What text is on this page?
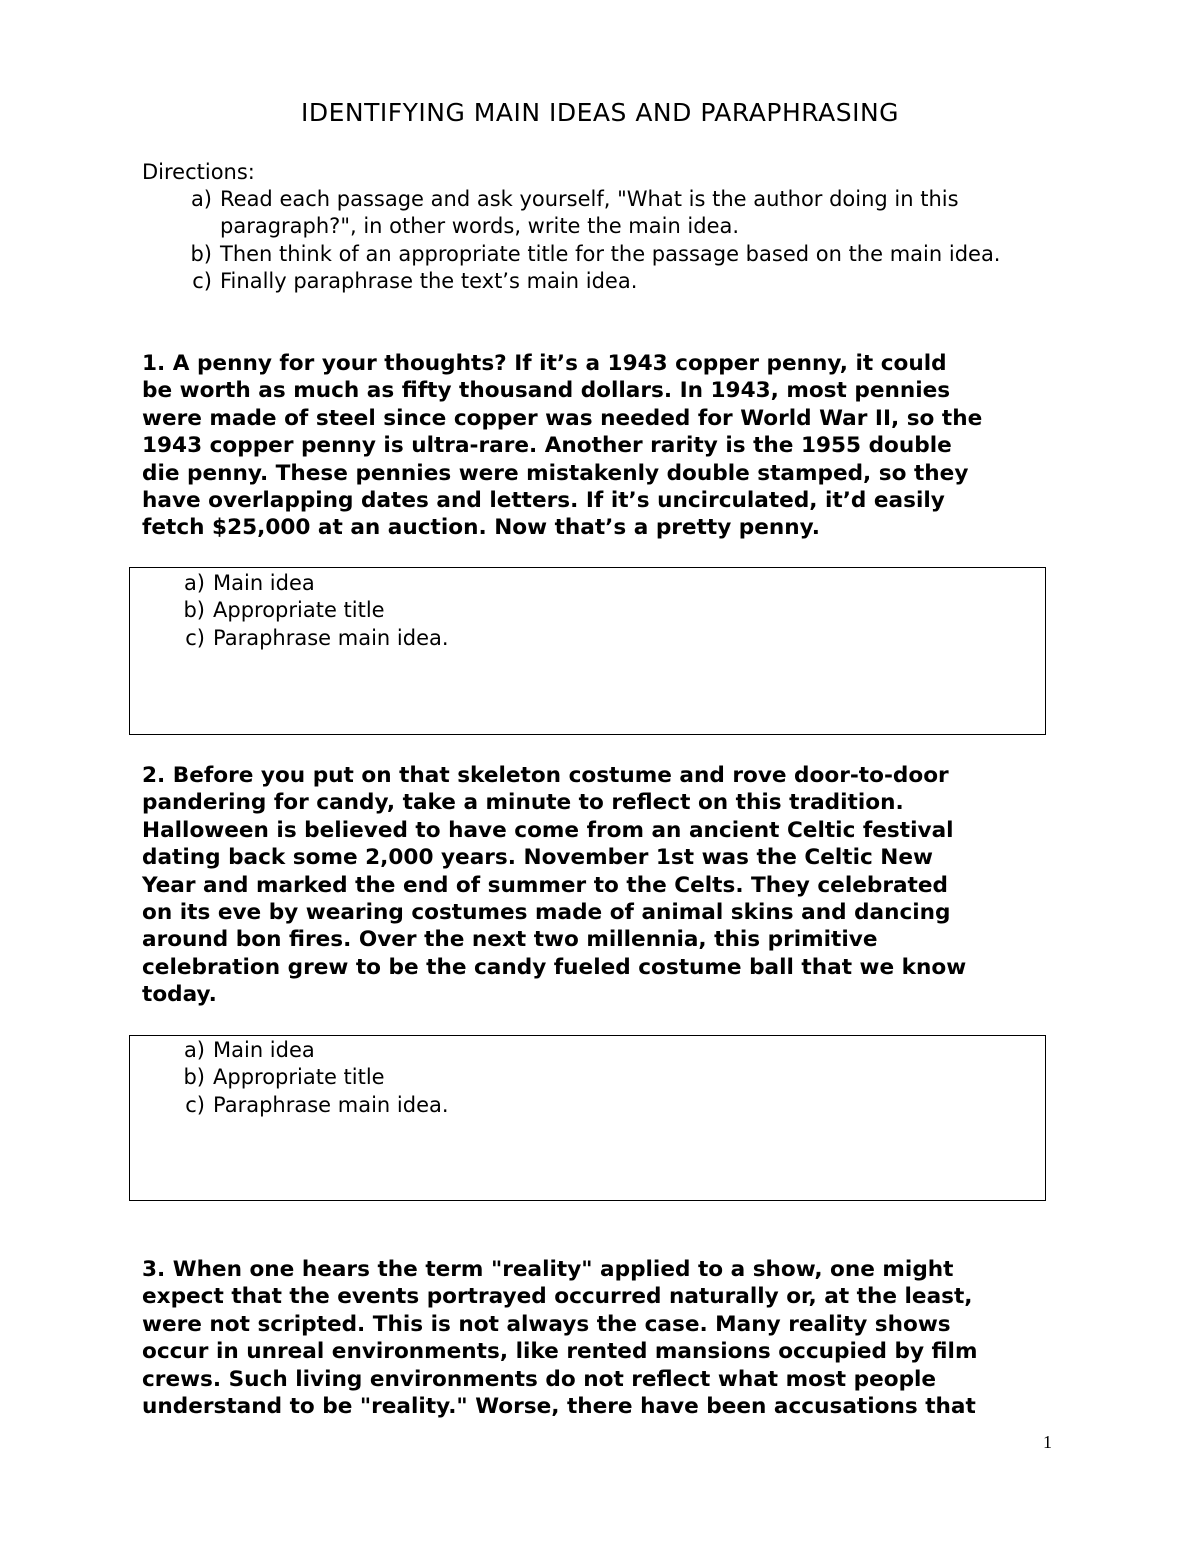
IDENTIFYING MAIN IDEAS AND PARAPHRASING
Directions:
a) Read each passage and ask yourself, "What is the author doing in this paragraph?", in other words, write the main idea.
b) Then think of an appropriate title for the passage based on the main idea.
c) Finally paraphrase the text’s main idea.
1. A penny for your thoughts? If it’s a 1943 copper penny, it could
be worth as much as fifty thousand dollars. In 1943, most pennies
were made of steel since copper was needed for World War II, so the
1943 copper penny is ultra-rare. Another rarity is the 1955 double
die penny. These pennies were mistakenly double stamped, so they
have overlapping dates and letters. If it’s uncirculated, it’d easily
fetch $25,000 at an auction. Now that’s a pretty penny.
a) Main idea
b) Appropriate title
c) Paraphrase main idea.
2. Before you put on that skeleton costume and rove door-to-door
pandering for candy, take a minute to reflect on this tradition.
Halloween is believed to have come from an ancient Celtic festival
dating back some 2,000 years. November 1st was the Celtic New
Year and marked the end of summer to the Celts. They celebrated
on its eve by wearing costumes made of animal skins and dancing
around bon fires. Over the next two millennia, this primitive
celebration grew to be the candy fueled costume ball that we know
today.
a) Main idea
b) Appropriate title
c) Paraphrase main idea.
3. When one hears the term "reality" applied to a show, one might
expect that the events portrayed occurred naturally or, at the least,
were not scripted. This is not always the case. Many reality shows
occur in unreal environments, like rented mansions occupied by film
crews. Such living environments do not reflect what most people
understand to be "reality." Worse, there have been accusations that
1
